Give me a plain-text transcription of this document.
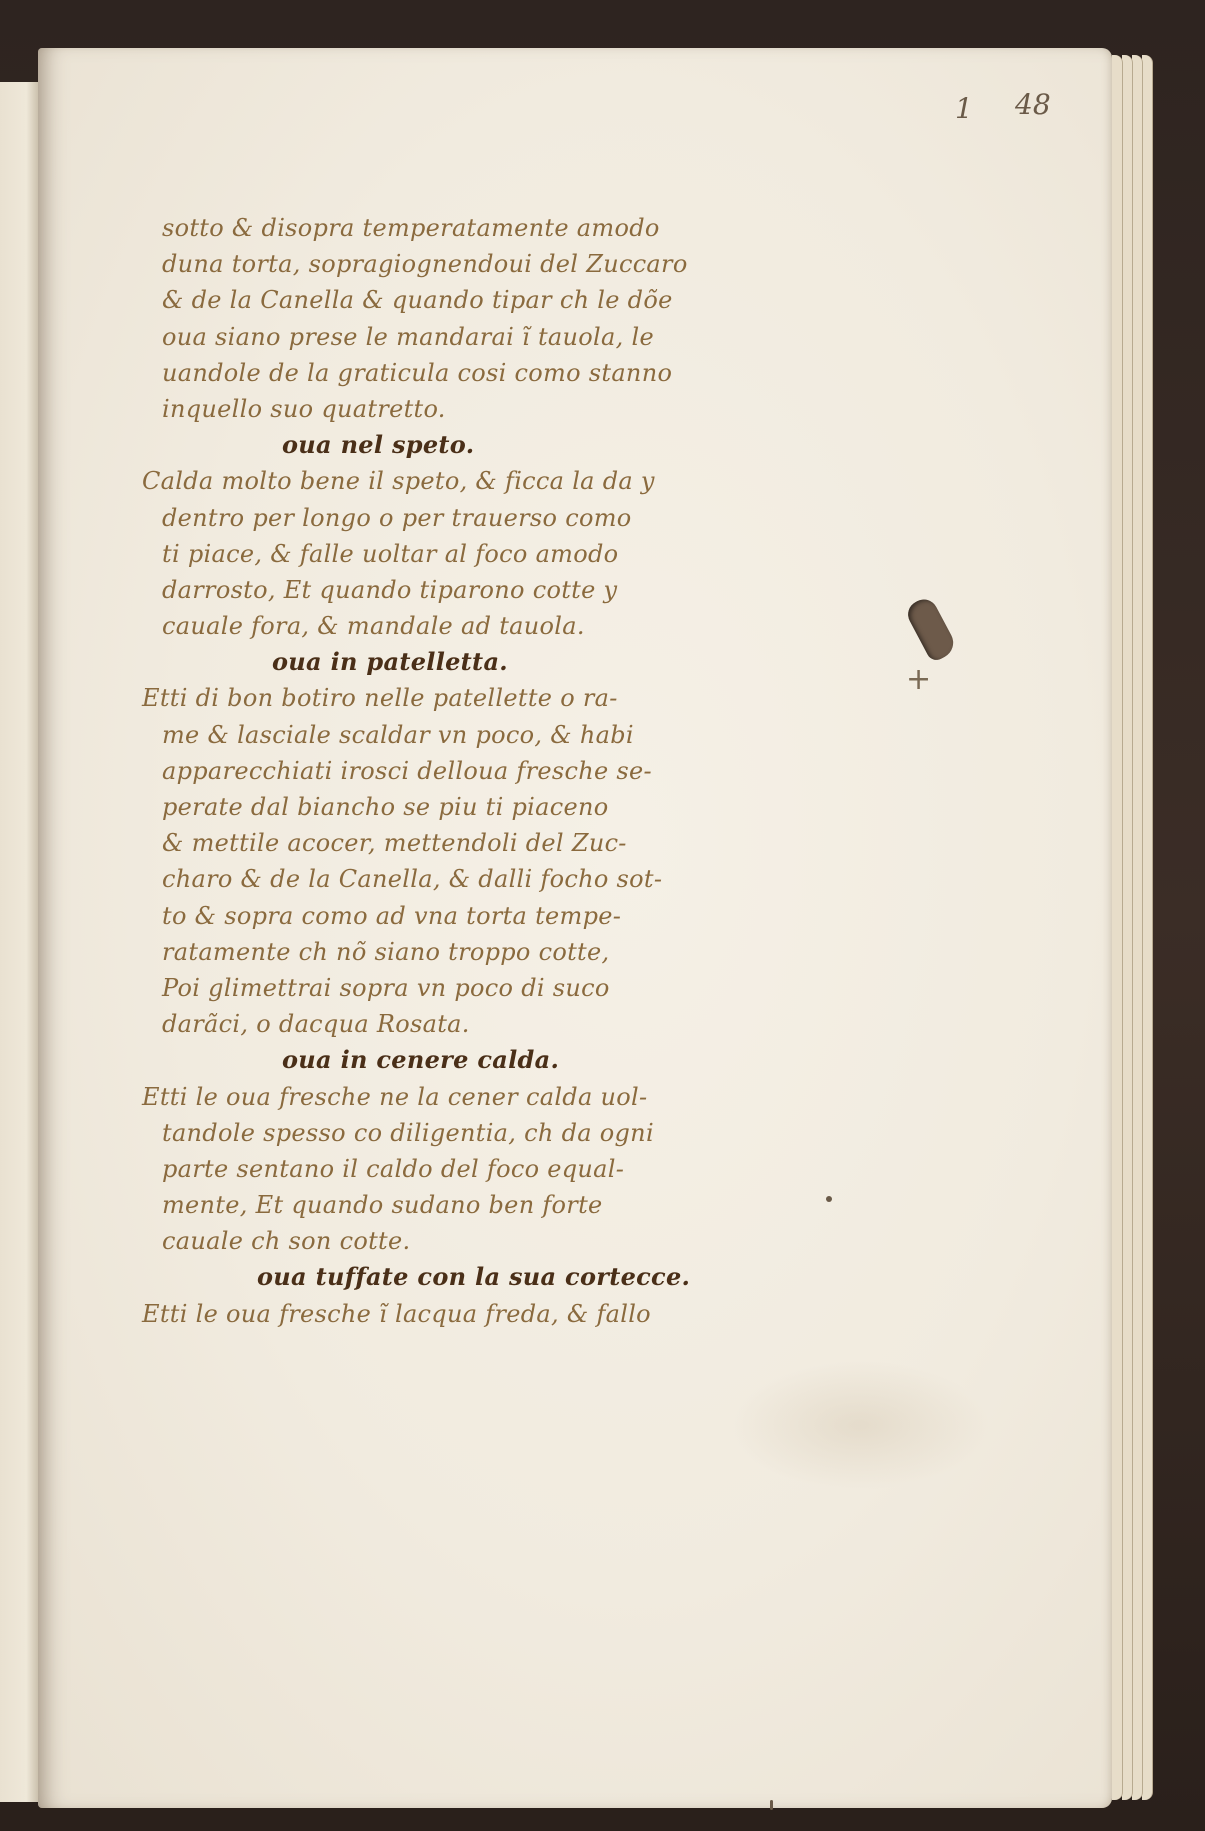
1 48
+
sotto & disopra temperatamente amodo
duna torta, sopragiognendoui del Zuccaro
& de la Canella & quando tipar ch le dõe
oua siano prese le mandarai ĩ tauola, le
uandole de la graticula cosi como stanno
inquello suo quatretto.
oua nel speto.
Calda molto bene il speto, & ficca la da y
dentro per longo o per trauerso como
ti piace, & falle uoltar al foco amodo
darrosto, Et quando tiparono cotte y
cauale fora, & mandale ad tauola.
oua in patelletta.
Etti di bon botiro nelle patellette o ra-
me & lasciale scaldar vn poco, & habi
apparecchiati irosci delloua fresche se-
perate dal biancho se piu ti piaceno
& mettile acocer, mettendoli del Zuc-
charo & de la Canella, & dalli focho sot-
to & sopra como ad vna torta tempe-
ratamente ch nõ siano troppo cotte,
Poi glimettrai sopra vn poco di suco
darãci, o dacqua Rosata.
oua in cenere calda.
Etti le oua fresche ne la cener calda uol-
tandole spesso co diligentia, ch da ogni
parte sentano il caldo del foco equal-
mente, Et quando sudano ben forte
cauale ch son cotte.
oua tuffate con la sua cortecce.
Etti le oua fresche ĩ lacqua freda, & fallo
